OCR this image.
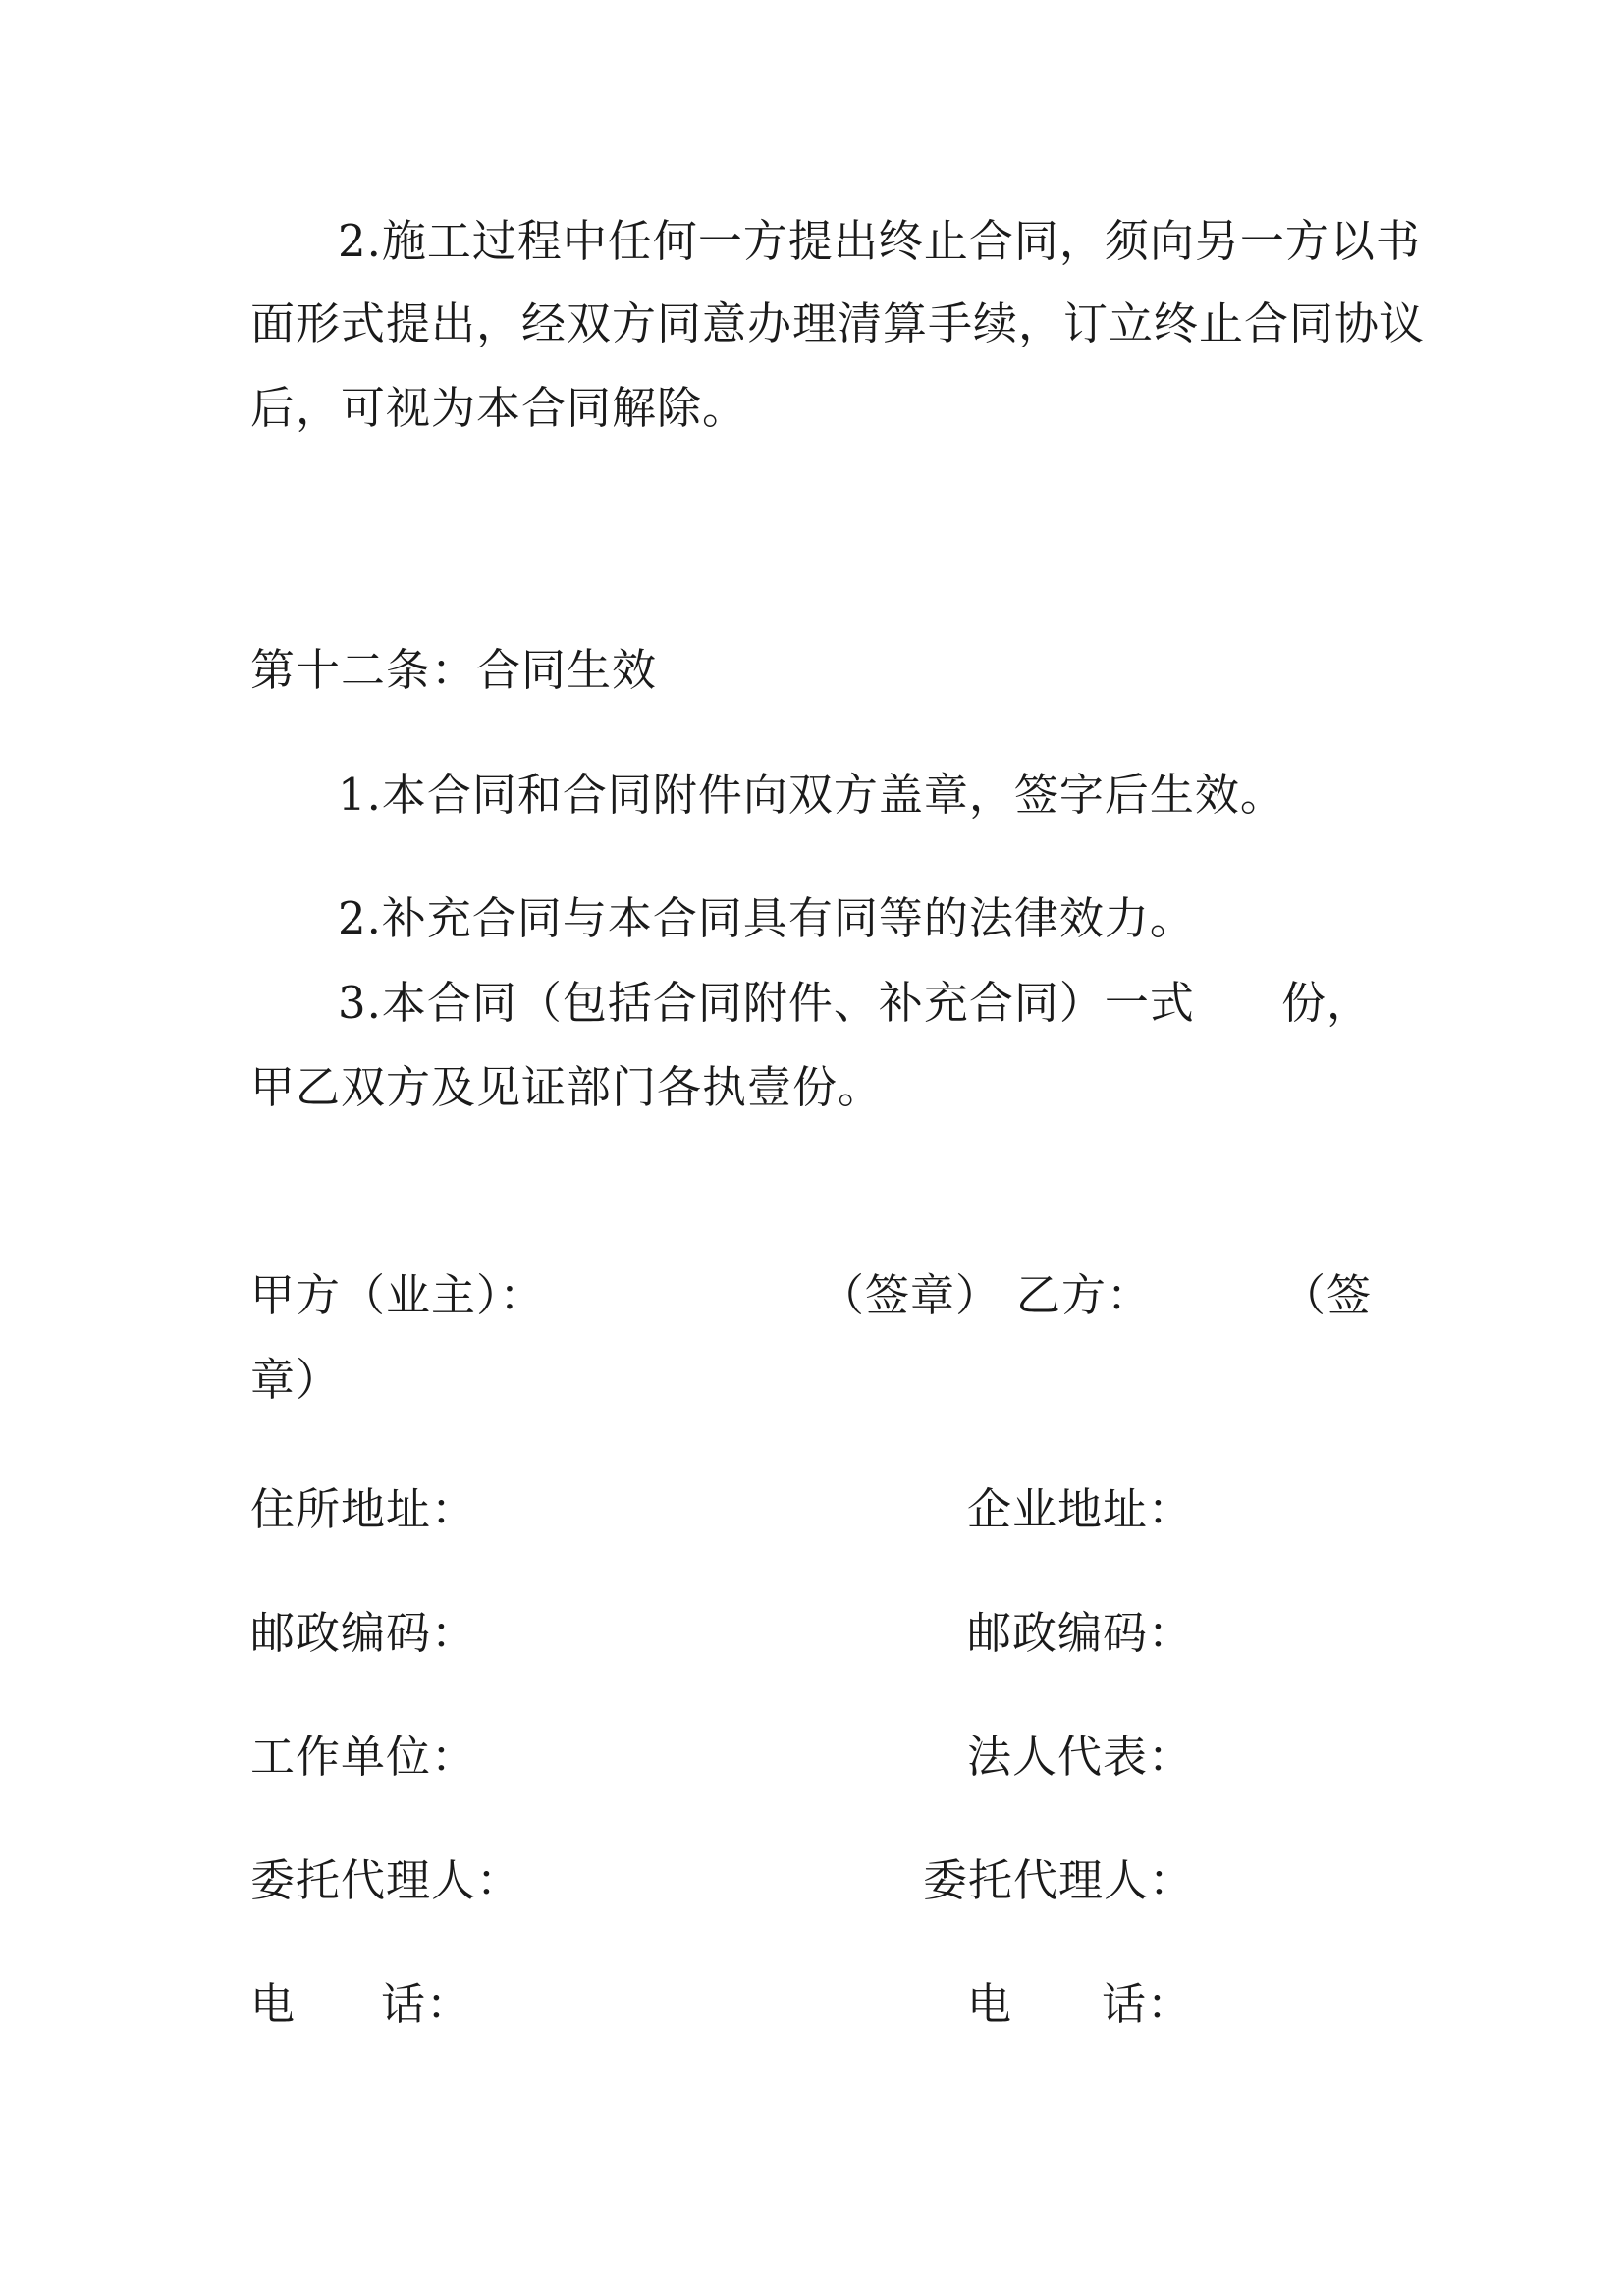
2.施工过程中任何一方提出终止合同，须向另一方以书
面形式提出，经双方同意办理清算手续，订立终止合同协议
后，可视为本合同解除。
第十二条：合同生效
1.本合同和合同附件向双方盖章，签字后生效。
2.补充合同与本合同具有同等的法律效力。
3.本合同（包括合同附件、补充合同）一式 份，
甲乙双方及见证部门各执壹份。
甲方（业主）：	（签章） 乙方：	（签
章）
住所地址：	企业地址：
邮政编码：	邮政编码：
工作单位：	法人代表：
委托代理人：	委托代理人：
电 话：	电 话：
